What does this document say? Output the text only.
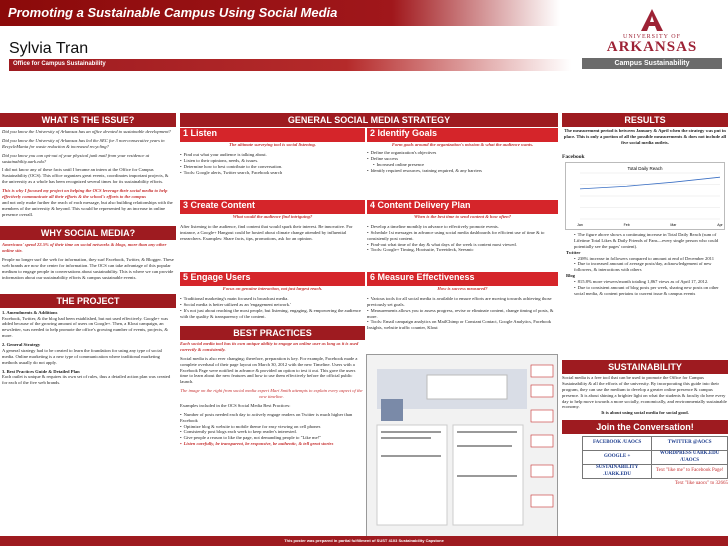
Promoting a Sustainable Campus Using Social Media
Sylvia Tran
Office for Campus Sustainability
UNIVERSITY OF
ARKANSAS
Campus Sustainability
WHAT IS THE ISSUE?
Did you know the University of Arkansas has an office devoted to sustainable development?
Did you know the University of Arkansas has led the SEC for 3 non-consecutive years in RecycleMania for waste reduction & increased recycling?
Did you know you can opt-out of your physical junk mail from your residence at sustainability.uark.edu?
I did not know any of these facts until I became an intern at the Office for Campus Sustainability (OCS). This office organizes great events, coordinates important projects, & the university as a whole has been recognized several times for its sustainability efforts.
This is why I focused my project on helping the OCS leverage their social media to help effectively communicate all their efforts & the school's efforts to the campus
and not only make further the reach of each message, but also building relationships with the members of the university & beyond. This would be represented by an increase in online presence overall.
WHY SOCIAL MEDIA?
Americans' spend 22.5% of their time on social networks & blogs, more than any other online site.
People no longer surf the web for information, they surf Facebook, Twitter, & Blogger. These web brands are now the center for information. The OCS can take advantage of this popular medium to engage people in conversations about sustainability. This is where we can provide information about our sustainability efforts & campus sustainable events.
THE PROJECT
1. Amendments & Additions
Facebook, Twitter, & the blog had been established, but not used effectively. Google+ was added because of the growing amount of users on Google+. Then, a Klout campaign, an newsletter, was needed to help promote the office's growing number of events, projects, & more.
2. General Strategy
A general strategy had to be created to learn the foundation for using any type of social media. Online marketing is a new type of communication where traditional marketing methods usually do not apply.
3. Best Practices Guide & Detailed Plan
Each outlet is unique & requires its own set of rules, thus a detailed action plan was created for each of the five web brands.
GENERAL SOCIAL MEDIA STRATEGY
1 Listen
The ultimate surveying tool is social listening.
• Find out what your audience is talking about.
• Listen to their opinions, needs, & issues.
• Determine how to best contribute to the conversation.
• Tools: Google alerts, Twitter search, Facebook search
2 Identify Goals
Form goals around the organization's mission & what the audience wants.
• Define the organization's objectives
• Define success
• Increased online presence
• Identify required resources, training required, & any barriers
3 Create Content
What would the audience find intriguing?
After listening to the audience, find content that would spark their interest. Be innovative. For instance, a Google+ Hangout could be hosted about climate change attended by influential researchers. Examples: Share facts, tips, promotions, ask for an opinion.
4 Content Delivery Plan
When is the best time to send content & how often?
• Develop a timeline monthly in advance to effectively promote events.
• Schedule 1st messages in advance using social media dashboards for efficient use of time & to consistently post content.
• Find-out what time of the day & what days of the week is content most viewed.
• Tools: Google+ Timing, Hootsuite, Tweetdeck, Seesmic
5 Engage Users
Focus on genuine interaction, not just largest reach.
• Traditional marketing's main focused is broadcast media.
• Social media is better utilized as an 'engagement network.'
• It's not just about reaching the most people, but listening, engaging, & empowering the audience with the quality & transparency of the content.
6 Measure Effectiveness
How is success measured?
• Various tools for all social media is available to ensure efforts are moving towards achieving those previously set goals.
• Measurements allows you to assess progress, revise or eliminate content, change timing of posts, & more.
• Tools: Email campaign analytics on MailChimp or Constant Contact, Google Analytics, Facebook Insights, website traffic counter, Klout
BEST PRACTICES
Each social media tool has its own unique ability to engage an online user as long as it is used correctly & consistently.
Social media is also ever changing; therefore, preparation is key. For example, Facebook made a complete overhaul of their page layout on March 30, 2012 with the new Timeline. Users with a Facebook Page were notified in advance & provided an option to test it out. This gave the users time to learn about the new features and how to use them effectively before the official public launch.
The image on the right from social media expert Mari Smith attempts to explain every aspect of the new timeline.
Examples included in the OCS Social Media Best Practices:
• Number of posts needed each day to actively engage readers on Twitter is much higher than Facebook
• Optimize blog & website to mobile theme for easy viewing on cell phones
• Consistently post blogs each week to keep reader's interested.
• Give people a reason to like the page, not demanding people to "Like me!"
• Listen carefully, be transparent, be responsive, be authentic, & tell great stories
RESULTS
The measurement period is between January & April when the strategy was put in place. This is only a portion of all the possible measurements & does not include all five social media outlets.
Facebook
Total Daily Reach
Jan	Feb	Mar	Apr
• The figure above shows a continuing increase in Total Daily Reach (sum of Lifetime Total Likes & Daily Friends of Fans—every single person who could potentially see the pages' content).
Twitter
• 238% increase in followers compared to amount at end of December 2011
• Due to increased amount of average posts/day, acknowledgement of new followers, & interactions with others
Blog
• 815.8% more viewers/month totaling 1,867 views as of April 17, 2012.
• Due to consistent amount of blog posts per week, sharing new posts on other social media, & content pertains to current issue & campus events
SUSTAINABILITY
Social media is a free tool that can be used to promote the Office for Campus Sustainability & all the efforts of the university. By incorporating this guide into their program, they can use the medium to develop a greater online presence & campus presence. It is about shining a brighter light on what the students & faculty do here every day to help move towards a more socially, economically, and environmentally sustainable economy.
It is about using social media for social good.
Join the Conversation!
FACEBOOK /UAOCS	TWITTER @AOCS
GOOGLE +	WORDPRESS UARK.EDU /UAOCS
SUSTAINABILITY .UARK.EDU	Text "like me" to Facebook Page!
Text "like uaocs" to 32665
This poster was prepared in partial fulfillment of SUST 4103 Sustainability Capstone
